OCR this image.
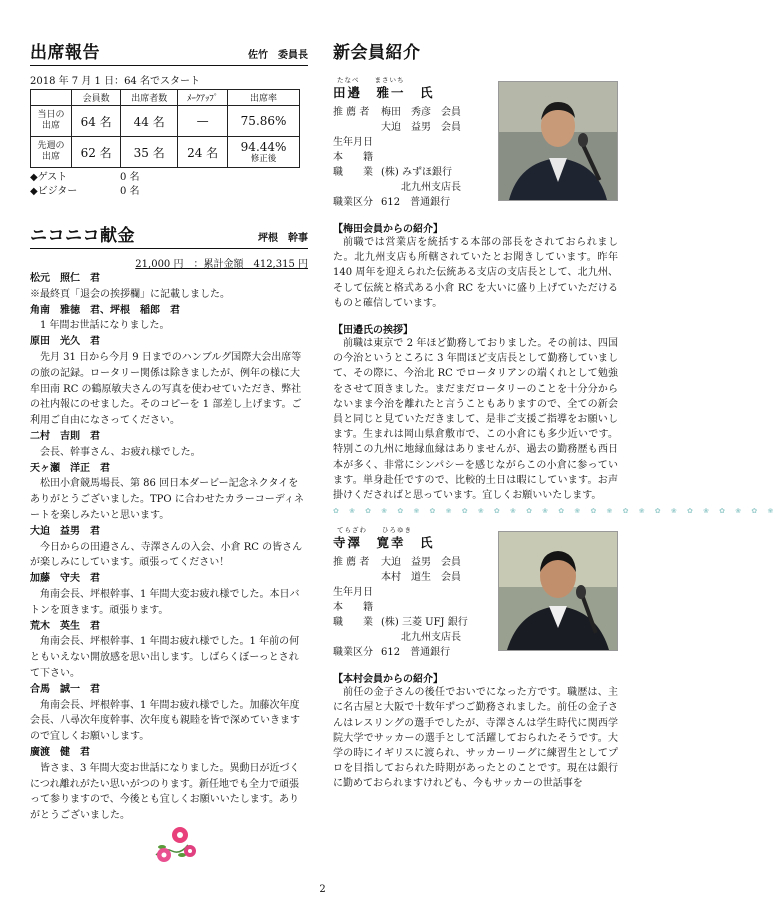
出席報告	佐竹　委員長
2018 年 7 月 1 日：64 名でスタート
	会員数	出席者数	ﾒｰｸｱｯﾌﾟ	出席率
当日の
出席	64 名	44 名	—	75.86%
先週の
出席	62 名	35 名	24 名	94.44%
修正後
◆ゲスト	0 名
◆ビジター	0 名
ニコニコ献金	坪根　幹事
21,000 円　：累計金額　412,315 円
松元　照仁　君
※最終頁「退会の挨拶欄」に記載しました。
角南　雅徳　君、坪根　稲郎　君
1 年間お世話になりました。
原田　光久　君
先月 31 日から今月 9 日までのハンブルグ国際大会出席等の旅の記録。ロータリー関係は除きましたが、例年の様に大牟田南 RC の鶴原敏夫さんの写真を使わせていただき、弊社の社内報にのせました。そのコピーを 1 部差し上げます。ご利用ご自由になさってください。
二村　吉則　君
会長、幹事さん、お疲れ様でした。
天ヶ瀬　洋正　君
松田小倉競馬場長、第 86 回日本ダービー記念ネクタイをありがとうございました。TPO に合わせたカラーコーディネートを楽しみたいと思います。
大迫　益男　君
今日からの田邉さん、寺澤さんの入会、小倉 RC の皆さんが楽しみにしています。頑張ってください！
加藤　守夫　君
角南会長、坪根幹事、1 年間大変お疲れ様でした。本日バトンを頂きます。頑張ります。
荒木　英生　君
角南会長、坪根幹事、1 年間お疲れ様でした。1 年前の何ともいえない開放感を思い出します。しばらくぼーっとされて下さい。
合馬　誠一　君
角南会長、坪根幹事、1 年間お疲れ様でした。加藤次年度会長、八尋次年度幹事、次年度も親睦を皆で深めていきますので宜しくお願いします。
廣渡　健　君
皆さま、3 年間大変お世話になりました。異動日が近づくにつれ離れがたい思いがつのります。新任地でも全力で頑張って参りますので、今後とも宜しくお願いいたします。ありがとうございました。
新会員紹介
たなべ　　まさいち
田邉　雅一　氏
推 薦 者 梅田　秀彦　会員
大迫　益男　会員
生年月日
本　　籍
職　　業 (株) みずほ銀行
　　北九州支店長
職業区分 612　普通銀行
【梅田会員からの紹介】
前職では営業店を統括する本部の部長をされておられました。北九州支店も所轄されていたとお聞きしています。昨年 140 周年を迎えられた伝統ある支店の支店長として、北九州、そして伝統と格式ある小倉 RC を大いに盛り上げていただけるものと確信しています。
【田邉氏の挨拶】
前職は東京で 2 年ほど勤務しておりました。その前は、四国の今治というところに 3 年間ほど支店長として勤務していまして、その際に、今治北 RC でロータリアンの端くれとして勉強をさせて頂きました。まだまだロータリーのことを十分分からないまま今治を離れたと言うこともありますので、全ての新会員と同じと見ていただきまして、是非ご支援ご指導をお願いします。生まれは岡山県倉敷市で、この小倉にも多少近いです。特別この九州に地縁血縁はありませんが、過去の勤務歴も西日本が多く、非常にシンパシーを感じながらこの小倉に参っています。単身赴任ですので、比較的土日は暇にしています。お声掛けくださればと思っています。宜しくお願いいたします。
✿ ❀ ✿ ❀ ✿ ❀ ✿ ❀ ✿ ❀ ✿ ❀ ✿ ❀ ✿ ❀ ✿ ❀ ✿ ❀ ✿ ❀ ✿ ❀ ✿ ❀ ✿ ❀
てらざわ　　ひろゆき
寺澤　寛幸　氏
推 薦 者 大迫　益男　会員
本村　道生　会員
生年月日
本　　籍
職　　業 (株) 三菱 UFJ 銀行
　　北九州支店長
職業区分 612　普通銀行
【本村会員からの紹介】
前任の金子さんの後任でおいでになった方です。職歴は、主に名古屋と大阪で十数年ずつご勤務されました。前任の金子さんはレスリングの選手でしたが、寺澤さんは学生時代に関西学院大学でサッカーの選手として活躍しておられたそうです。大学の時にイギリスに渡られ、サッカーリーグに練習生としてプロを目指しておられた時期があったとのことです。現在は銀行に勤めておられますけれども、今もサッカーの世話事を
2
